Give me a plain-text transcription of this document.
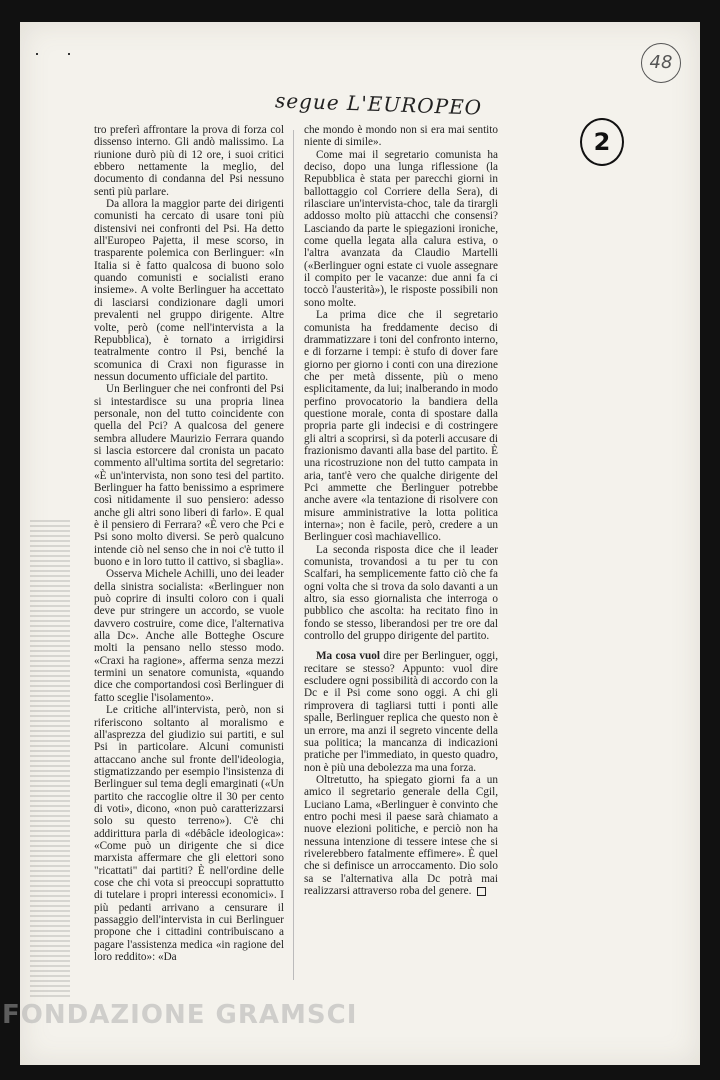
48
segue L'EUROPEO
2

tro preferì affrontare la prova di forza col dissenso interno. Gli andò malissimo. La riunione durò più di 12 ore, i suoi critici ebbero nettamente la meglio, del documento di condanna del Psi nessuno sentì più parlare.

Da allora la maggior parte dei dirigenti comunisti ha cercato di usare toni più distensivi nei confronti del Psi. Ha detto all'Europeo Pajetta, il mese scorso, in trasparente polemica con Berlinguer: «In Italia si è fatto qualcosa di buono solo quando comunisti e socialisti erano insieme». A volte Berlinguer ha accettato di lasciarsi condizionare dagli umori prevalenti nel gruppo dirigente. Altre volte, però (come nell'intervista a la Repubblica), è tornato a irrigidirsi teatralmente contro il Psi, benché la scomunica di Craxi non figurasse in nessun documento ufficiale del partito.

Un Berlinguer che nei confronti del Psi si intestardisce su una propria linea personale, non del tutto coincidente con quella del Pci? A qualcosa del genere sembra alludere Maurizio Ferrara quando si lascia estorcere dal cronista un pacato commento all'ultima sortita del segretario: «È un'intervista, non sono tesi del partito. Berlinguer ha fatto benissimo a esprimere così nitidamente il suo pensiero: adesso anche gli altri sono liberi di farlo». E qual è il pensiero di Ferrara? «È vero che Pci e Psi sono molto diversi. Se però qualcuno intende ciò nel senso che in noi c'è tutto il buono e in loro tutto il cattivo, si sbaglia».

Osserva Michele Achilli, uno dei leader della sinistra socialista: «Berlinguer non può coprire di insulti coloro con i quali deve pur stringere un accordo, se vuole davvero costruire, come dice, l'alternativa alla Dc». Anche alle Botteghe Oscure molti la pensano nello stesso modo. «Craxi ha ragione», afferma senza mezzi termini un senatore comunista, «quando dice che comportandosi così Berlinguer di fatto sceglie l'isolamento».

Le critiche all'intervista, però, non si riferiscono soltanto al moralismo e all'asprezza del giudizio sui partiti, e sul Psi in particolare. Alcuni comunisti attaccano anche sul fronte dell'ideologia, stigmatizzando per esempio l'insistenza di Berlinguer sul tema degli emarginati («Un partito che raccoglie oltre il 30 per cento di voti», dicono, «non può caratterizzarsi solo su questo terreno»). C'è chi addirittura parla di «débâcle ideologica»: «Come può un dirigente che si dice marxista affermare che gli elettori sono "ricattati" dai partiti? È nell'ordine delle cose che chi vota si preoccupi soprattutto di tutelare i propri interessi economici». I più pedanti arrivano a censurare il passaggio dell'intervista in cui Berlinguer propone che i cittadini contribuiscano a pagare l'assistenza medica «in ragione del loro reddito»: «Da

che mondo è mondo non si era mai sentito niente di simile».

Come mai il segretario comunista ha deciso, dopo una lunga riflessione (la Repubblica è stata per parecchi giorni in ballottaggio col Corriere della Sera), di rilasciare un'intervista-choc, tale da tirargli addosso molto più attacchi che consensi? Lasciando da parte le spiegazioni ironiche, come quella legata alla calura estiva, o l'altra avanzata da Claudio Martelli («Berlinguer ogni estate ci vuole assegnare il compito per le vacanze: due anni fa ci toccò l'austerità»), le risposte possibili non sono molte.

La prima dice che il segretario comunista ha freddamente deciso di drammatizzare i toni del confronto interno, e di forzarne i tempi: è stufo di dover fare giorno per giorno i conti con una direzione che per metà dissente, più o meno esplicitamente, da lui; inalberando in modo perfino provocatorio la bandiera della questione morale, conta di spostare dalla propria parte gli indecisi e di costringere gli altri a scoprirsi, sì da poterli accusare di frazionismo davanti alla base del partito. È una ricostruzione non del tutto campata in aria, tant'è vero che qualche dirigente del Pci ammette che Berlinguer potrebbe anche avere «la tentazione di risolvere con misure amministrative la lotta politica interna»; non è facile, però, credere a un Berlinguer così machiavellico.

La seconda risposta dice che il leader comunista, trovandosi a tu per tu con Scalfari, ha semplicemente fatto ciò che fa ogni volta che si trova da solo davanti a un altro, sia esso giornalista che interroga o pubblico che ascolta: ha recitato fino in fondo se stesso, liberandosi per tre ore dal controllo del gruppo dirigente del partito.

Ma cosa vuol dire per Berlinguer, oggi, recitare se stesso? Appunto: vuol dire escludere ogni possibilità di accordo con la Dc e il Psi come sono oggi. A chi gli rimprovera di tagliarsi tutti i ponti alle spalle, Berlinguer replica che questo non è un errore, ma anzi il segreto vincente della sua politica; la mancanza di indicazioni pratiche per l'immediato, in questo quadro, non è più una debolezza ma una forza.

Oltretutto, ha spiegato giorni fa a un amico il segretario generale della Cgil, Luciano Lama, «Berlinguer è convinto che entro pochi mesi il paese sarà chiamato a nuove elezioni politiche, e perciò non ha nessuna intenzione di tessere intese che si rivelerebbero fatalmente effimere». È quel che si definisce un arroccamento. Dio solo sa se l'alternativa alla Dc potrà mai realizzarsi attraverso roba del genere.

FONDAZIONE GRAMSCI
